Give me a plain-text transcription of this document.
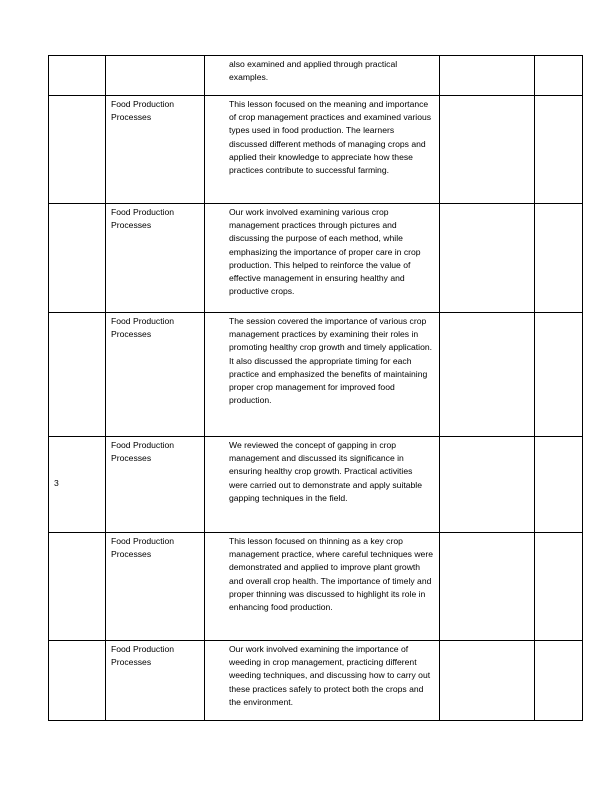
		also examined and applied through practical examples.		
	Food Production Processes	This lesson focused on the meaning and importance of crop management practices and examined various types used in food production. The learners discussed different methods of managing crops and applied their knowledge to appreciate how these practices contribute to successful farming.		
	Food Production Processes	Our work involved examining various crop management practices through pictures and discussing the purpose of each method, while emphasizing the importance of proper care in crop production. This helped to reinforce the value of effective management in ensuring healthy and productive crops.		
	Food Production Processes	The session covered the importance of various crop management practices by examining their roles in promoting healthy crop growth and timely application. It also discussed the appropriate timing for each practice and emphasized the benefits of maintaining proper crop management for improved food production.		
3	Food Production Processes	We reviewed the concept of gapping in crop management and discussed its significance in ensuring healthy crop growth. Practical activities were carried out to demonstrate and apply suitable gapping techniques in the field.		
	Food Production Processes	This lesson focused on thinning as a key crop management practice, where careful techniques were demonstrated and applied to improve plant growth and overall crop health. The importance of timely and proper thinning was discussed to highlight its role in enhancing food production.		
	Food Production Processes	Our work involved examining the importance of weeding in crop management, practicing different weeding techniques, and discussing how to carry out these practices safely to protect both the crops and the environment.		
